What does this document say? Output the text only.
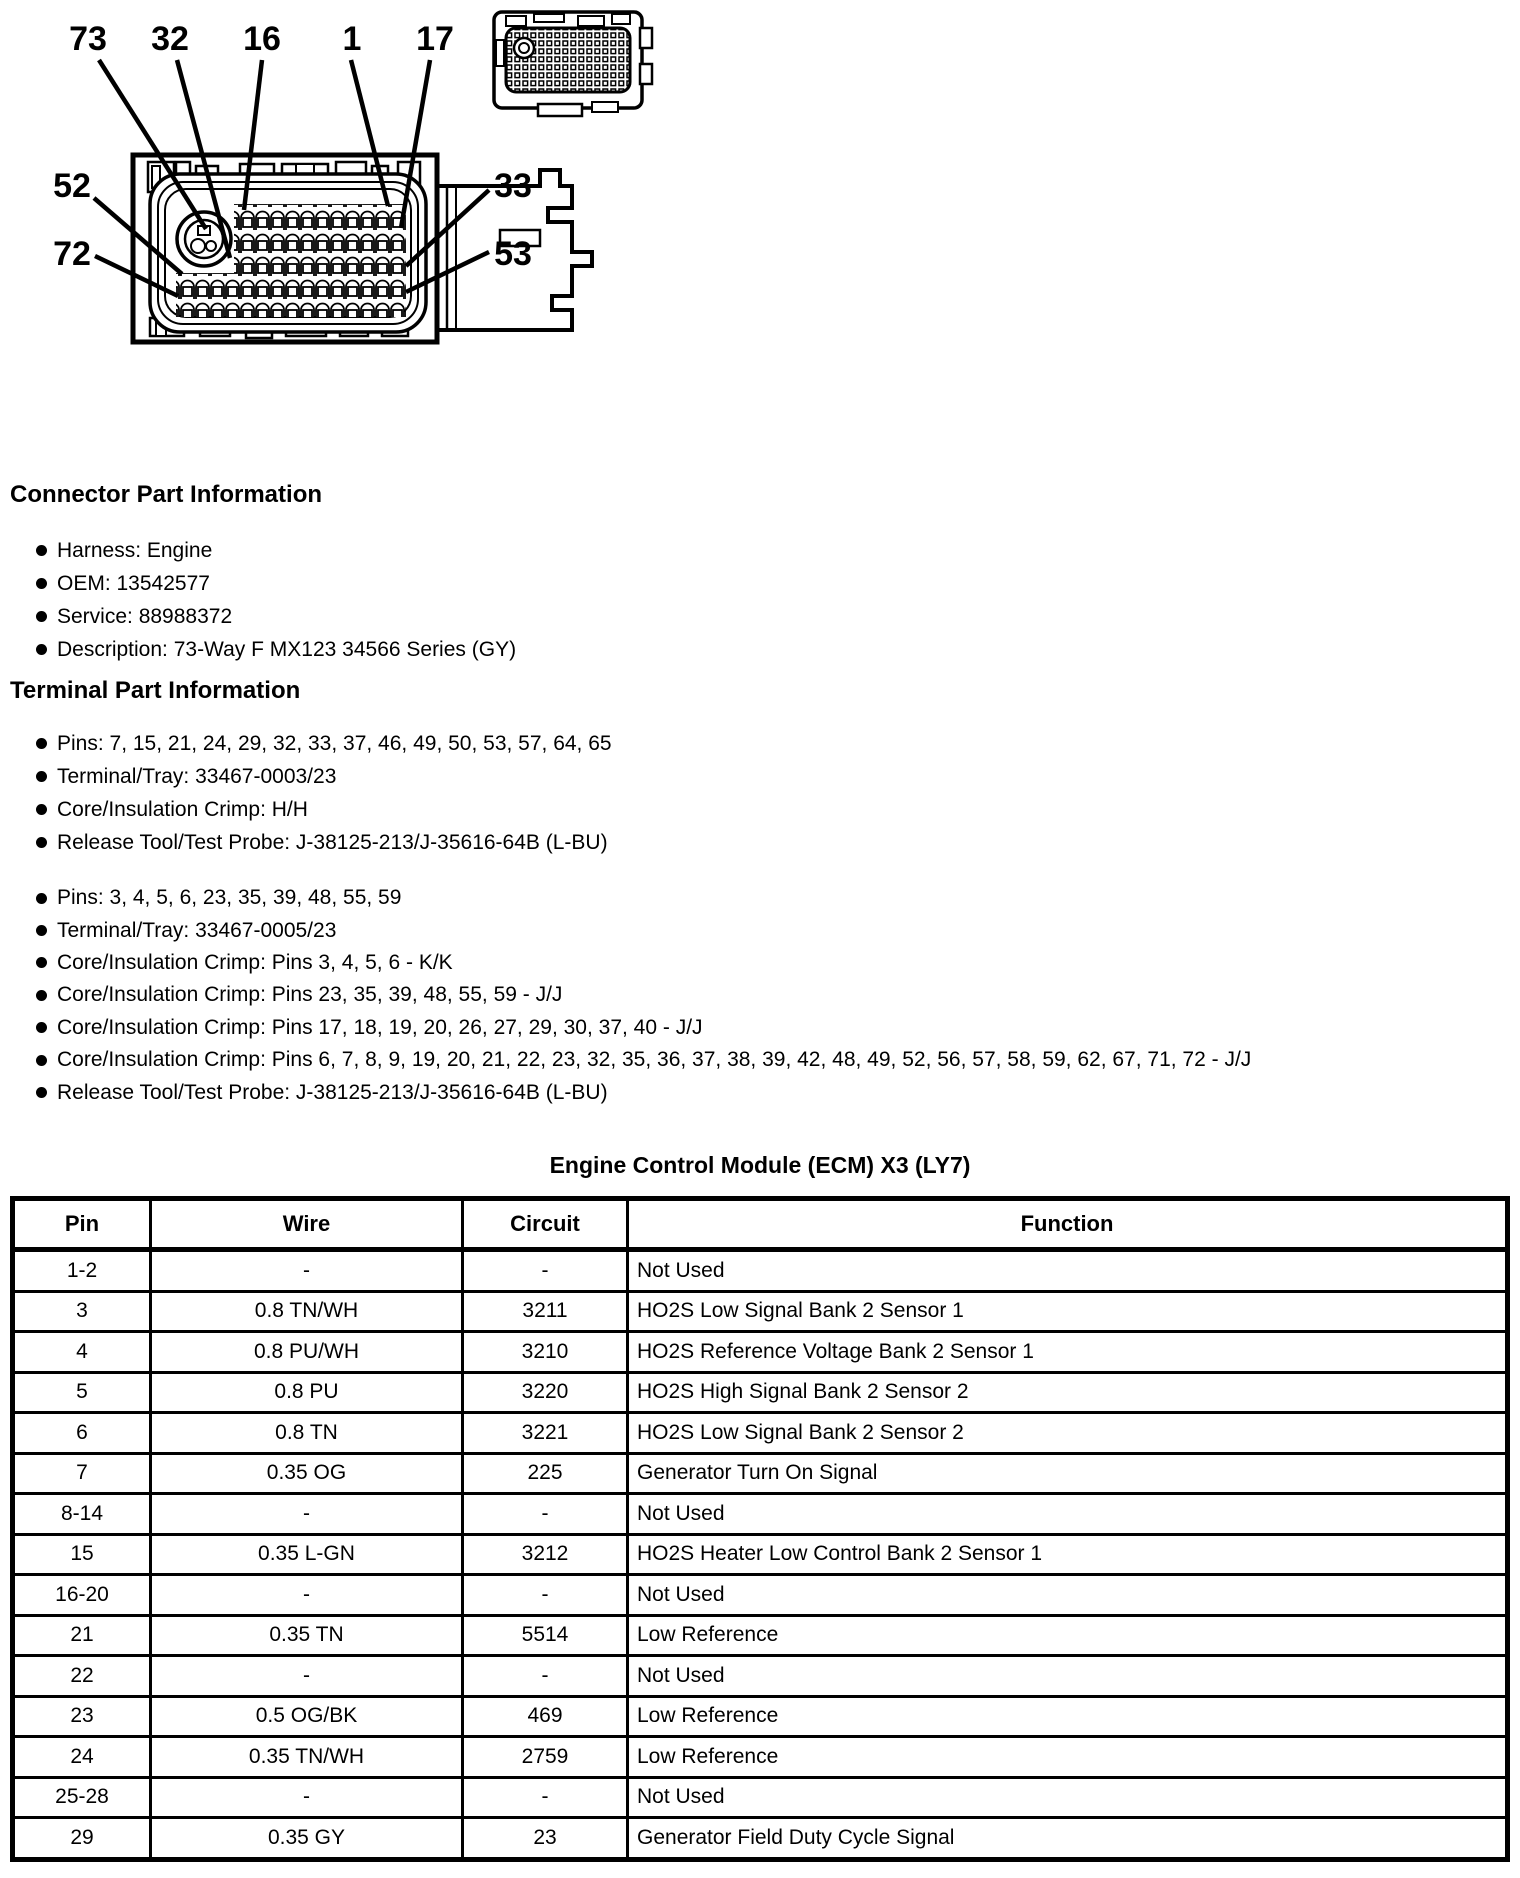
73 32 16 1 17
52
72
33
53
Connector Part Information
Harness: Engine
OEM: 13542577
Service: 88988372
Description: 73-Way F MX123 34566 Series (GY)
Terminal Part Information
Pins: 7, 15, 21, 24, 29, 32, 33, 37, 46, 49, 50, 53, 57, 64, 65
Terminal/Tray: 33467-0003/23
Core/Insulation Crimp: H/H
Release Tool/Test Probe: J-38125-213/J-35616-64B (L-BU)
Pins: 3, 4, 5, 6, 23, 35, 39, 48, 55, 59
Terminal/Tray: 33467-0005/23
Core/Insulation Crimp: Pins 3, 4, 5, 6 - K/K
Core/Insulation Crimp: Pins 23, 35, 39, 48, 55, 59 - J/J
Core/Insulation Crimp: Pins 17, 18, 19, 20, 26, 27, 29, 30, 37, 40 - J/J
Core/Insulation Crimp: Pins 6, 7, 8, 9, 19, 20, 21, 22, 23, 32, 35, 36, 37, 38, 39, 42, 48, 49, 52, 56, 57, 58, 59, 62, 67, 71, 72 - J/J
Release Tool/Test Probe: J-38125-213/J-35616-64B (L-BU)
Engine Control Module (ECM) X3 (LY7)
Pin	Wire	Circuit	Function
1-2	-	-	Not Used
3	0.8 TN/WH	3211	HO2S Low Signal Bank 2 Sensor 1
4	0.8 PU/WH	3210	HO2S Reference Voltage Bank 2 Sensor 1
5	0.8 PU	3220	HO2S High Signal Bank 2 Sensor 2
6	0.8 TN	3221	HO2S Low Signal Bank 2 Sensor 2
7	0.35 OG	225	Generator Turn On Signal
8-14	-	-	Not Used
15	0.35 L-GN	3212	HO2S Heater Low Control Bank 2 Sensor 1
16-20	-	-	Not Used
21	0.35 TN	5514	Low Reference
22	-	-	Not Used
23	0.5 OG/BK	469	Low Reference
24	0.35 TN/WH	2759	Low Reference
25-28	-	-	Not Used
29	0.35 GY	23	Generator Field Duty Cycle Signal
